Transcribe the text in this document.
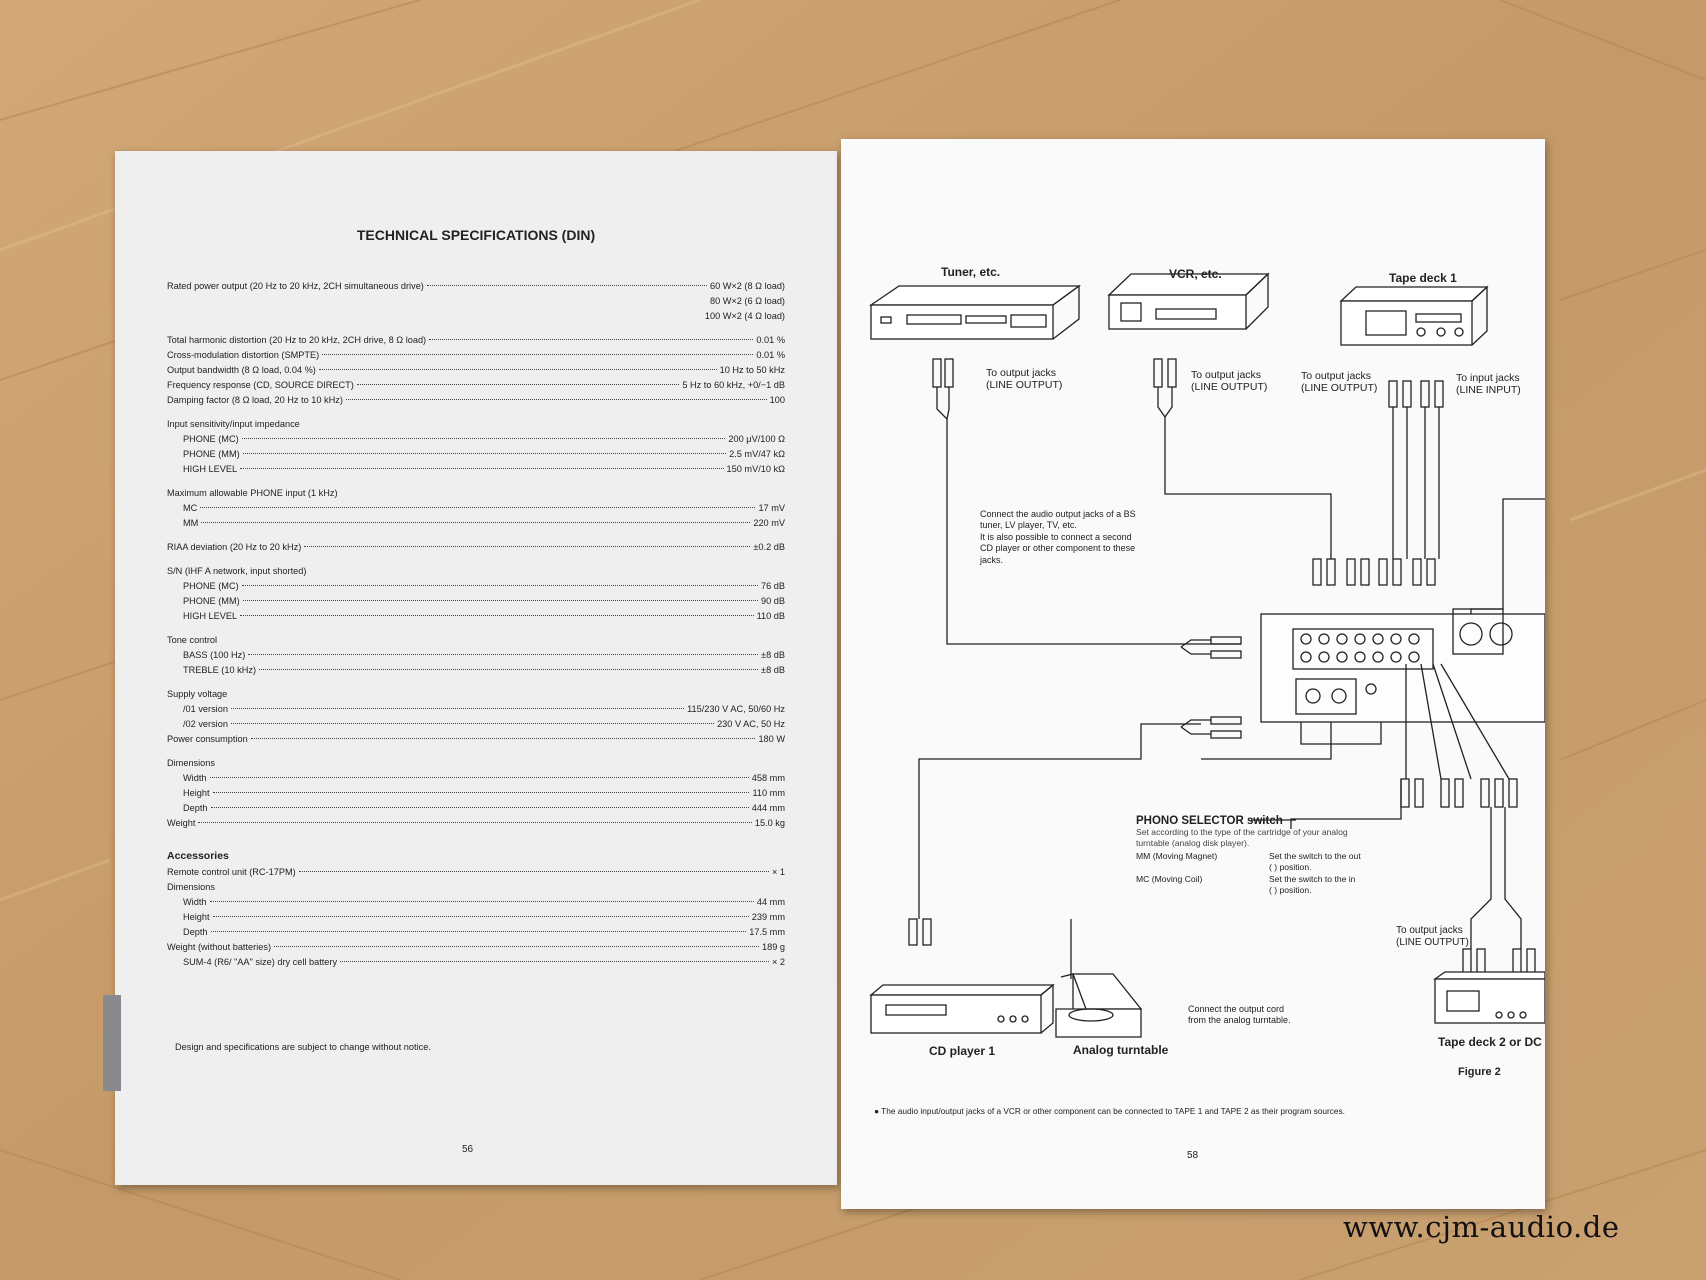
TECHNICAL SPECIFICATIONS (DIN)
Rated power output (20 Hz to 20 kHz, 2CH simultaneous drive)	60 W×2 (8 Ω load)
80 W×2 (6 Ω load)
100 W×2 (4 Ω load)
Total harmonic distortion (20 Hz to 20 kHz, 2CH drive, 8 Ω load)	0.01 %
Cross-modulation distortion (SMPTE)	0.01 %
Output bandwidth (8 Ω load, 0.04 %)	10 Hz to 50 kHz
Frequency response (CD, SOURCE DIRECT)	5 Hz to 60 kHz, +0/−1 dB
Damping factor (8 Ω load, 20 Hz to 10 kHz)	100
Input sensitivity/input impedance
PHONE (MC)	200 μV/100 Ω
PHONE (MM)	2.5 mV/47 kΩ
HIGH LEVEL	150 mV/10 kΩ
Maximum allowable PHONE input (1 kHz)
MC	17 mV
MM	220 mV
RIAA deviation (20 Hz to 20 kHz)	±0.2 dB
S/N (IHF A network, input shorted)
PHONE (MC)	76 dB
PHONE (MM)	90 dB
HIGH LEVEL	110 dB
Tone control
BASS (100 Hz)	±8 dB
TREBLE (10 kHz)	±8 dB
Supply voltage
/01 version	115/230 V AC, 50/60 Hz
/02 version	230 V AC, 50 Hz
Power consumption	180 W
Dimensions
Width	458 mm
Height	110 mm
Depth	444 mm
Weight	15.0 kg
Accessories
Remote control unit (RC-17PM)	× 1
Dimensions
Width	44 mm
Height	239 mm
Depth	17.5 mm
Weight (without batteries)	189 g
SUM-4 (R6/ "AA" size) dry cell battery	× 2
Design and specifications are subject to change without notice.
56
Tuner, etc.	VCR, etc.	Tape deck 1
To output jacks
(LINE OUTPUT)
To output jacks
(LINE OUTPUT)
To output jacks
(LINE OUTPUT)
To input jacks
(LINE INPUT)
Connect the audio output jacks of a BS
tuner, LV player, TV, etc.
It is also possible to connect a second
CD player or other component to these
jacks.
PHONO SELECTOR switch
Set according to the type of the cartridge of your analog
turntable (analog disk player).
MM (Moving Magnet)	Set the switch to the out
( ) position.
MC (Moving Coil)	Set the switch to the in
( ) position.
Connect the output cord
from the analog turntable.
To output jacks
(LINE OUTPUT)
CD player 1	Analog turntable
Tape deck 2 or DC
Figure 2
● The audio input/output jacks of a VCR or other component can be connected to TAPE 1 and TAPE 2 as their program sources.
58
www.cjm-audio.de
